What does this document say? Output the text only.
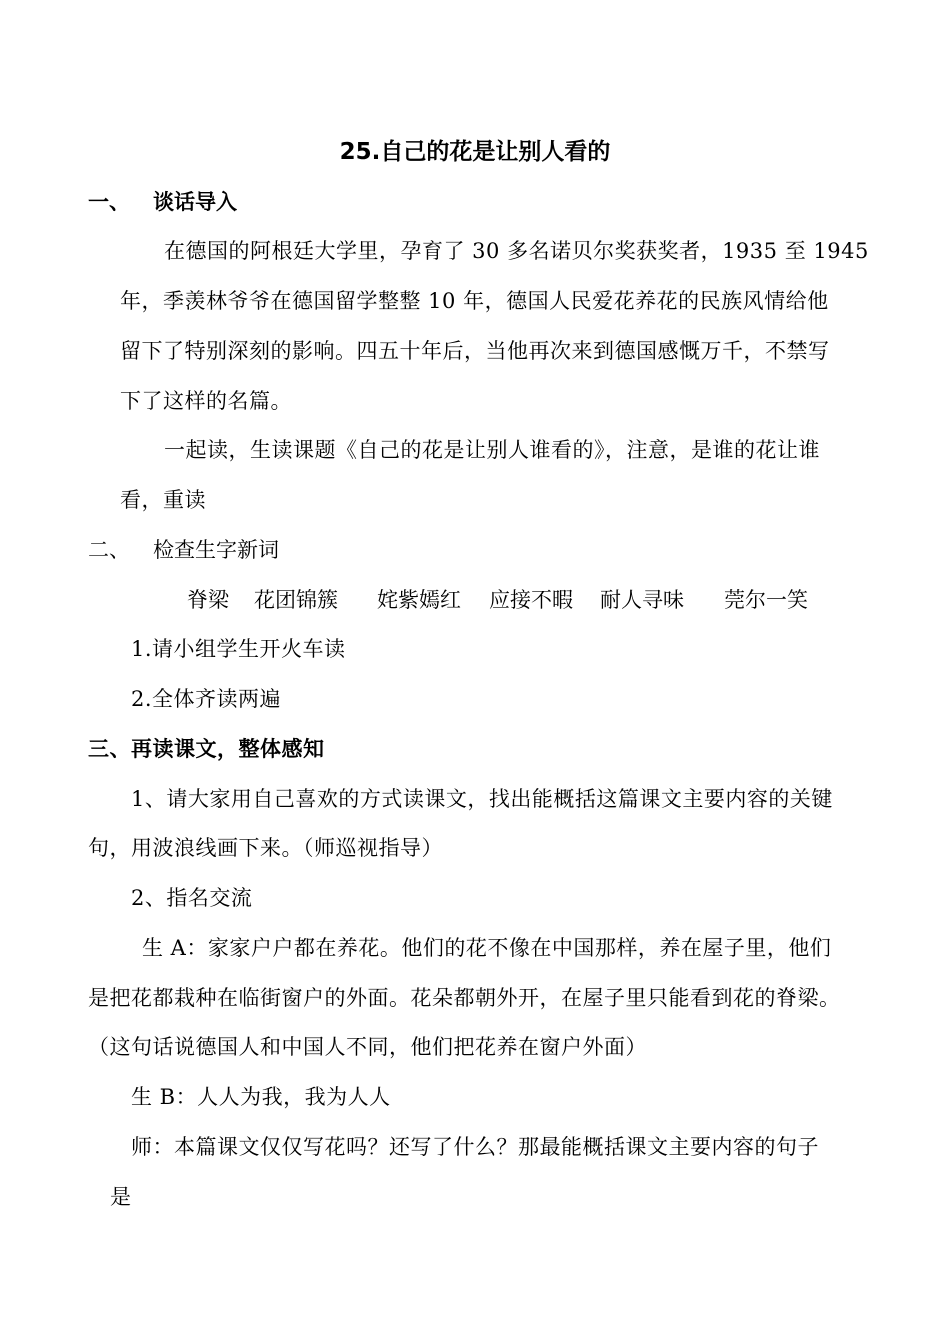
25.自己的花是让别人看的
一、 谈话导入
在德国的阿根廷大学里，孕育了 30 多名诺贝尔奖获奖者，1935 至 1945
年，季羡林爷爷在德国留学整整 10 年，德国人民爱花养花的民族风情给他
留下了特别深刻的影响。四五十年后，当他再次来到德国感慨万千，不禁写
下了这样的名篇。
一起读，生读课题《自己的花是让别人谁看的》，注意，是谁的花让谁
看，重读
二、 检查生字新词
脊梁 花团锦簇 姹紫嫣红 应接不暇 耐人寻味 莞尔一笑
1.请小组学生开火车读
2.全体齐读两遍
三、再读课文，整体感知
1、请大家用自己喜欢的方式读课文，找出能概括这篇课文主要内容的关键
句，用波浪线画下来。（师巡视指导）
2、指名交流
生 A：家家户户都在养花。他们的花不像在中国那样，养在屋子里，他们
是把花都栽种在临街窗户的外面。花朵都朝外开，在屋子里只能看到花的脊梁。
（这句话说德国人和中国人不同，他们把花养在窗户外面）
生 B：人人为我，我为人人
师：本篇课文仅仅写花吗？还写了什么？那最能概括课文主要内容的句子
是
